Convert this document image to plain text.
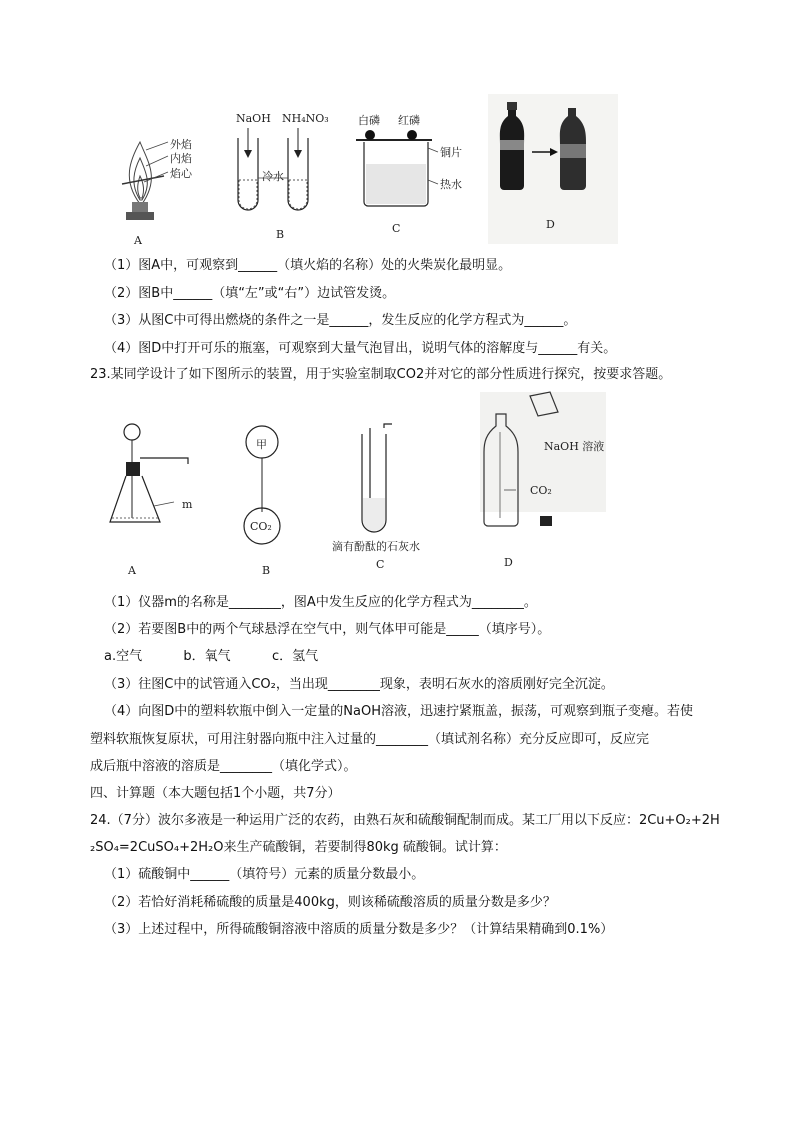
外焰
内焰
焰心
A
NaOH NH₄NO₃
冷水
B
白磷 红磷
铜片
热水
C	D
（1）图A中，可观察到______（填火焰的名称）处的火柴炭化最明显。
（2）图B中______（填“左”或“右”）边试管发烫。
（3）从图C中可得出燃烧的条件之一是______，发生反应的化学方程式为______。
（4）图D中打开可乐的瓶塞，可观察到大量气泡冒出，说明气体的溶解度与______有关。
23.某同学设计了如下图所示的装置，用于实验室制取CO2并对它的部分性质进行探究，按要求答题。
m
A
甲
CO₂
B
滴有酚酞的石灰水
C
NaOH 溶液
CO₂
D
（1）仪器m的名称是________，图A中发生反应的化学方程式为________。
（2）若要图B中的两个气球悬浮在空气中，则气体甲可能是_____（填序号）。
a.空气          b．氧气          c．氢气
（3）往图C中的试管通入CO₂，当出现________现象，表明石灰水的溶质刚好完全沉淀。
（4）向图D中的塑料软瓶中倒入一定量的NaOH溶液，迅速拧紧瓶盖，振荡，可观察到瓶子变瘪。若使
塑料软瓶恢复原状，可用注射器向瓶中注入过量的________（填试剂名称）充分反应即可，反应完
成后瓶中溶液的溶质是________（填化学式）。
四、计算题（本大题包括1个小题，共7分）
24.（7分）波尔多液是一种运用广泛的农药，由熟石灰和硫酸铜配制而成。某工厂用以下反应：2Cu+O₂+2H
₂SO₄=2CuSO₄+2H₂O来生产硫酸铜，若要制得80kg 硫酸铜。试计算：
（1）硫酸铜中______（填符号）元素的质量分数最小。
（2）若恰好消耗稀硫酸的质量是400kg，则该稀硫酸溶质的质量分数是多少？
（3）上述过程中，所得硫酸铜溶液中溶质的质量分数是多少？（计算结果精确到0.1%）
